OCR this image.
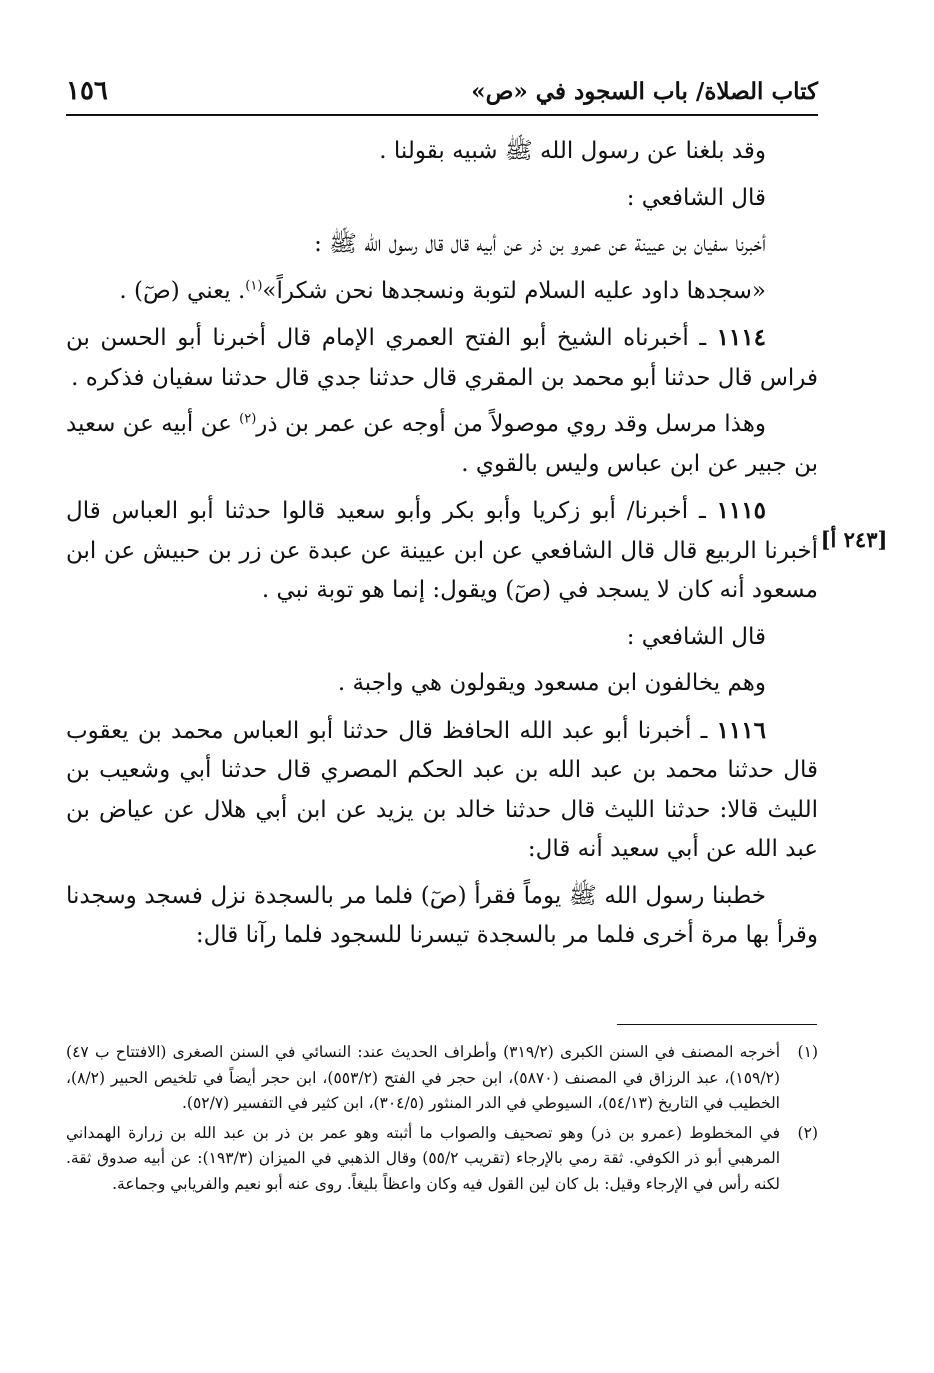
كتاب الصلاة/ باب السجود في «ص»
١٥٦
[٢٤٣ أ]

وقد بلغنا عن رسول الله ﷺ شبيه بقولنا .

قال الشافعي :

أخبرنا سفيان بن عيينة عن عمرو بن ذر عن أبيه قال قال رسول الله ﷺ :

«سجدها داود عليه السلام لتوبة ونسجدها نحن شكراً»$^{(١)}$. يعني (صٓ) .

١١١٤ ـ أخبرناه الشيخ أبو الفتح العمري الإمام قال أخبرنا أبو الحسن بن فراس قال حدثنا أبو محمد بن المقري قال حدثنا جدي قال حدثنا سفيان فذكره .

وهذا مرسل وقد روي موصولاً من أوجه عن عمر بن ذر$^{(٢)}$ عن أبيه عن سعيد بن جبير عن ابن عباس وليس بالقوي .

١١١٥ ـ أخبرنا/ أبو زكريا وأبو بكر وأبو سعيد قالوا حدثنا أبو العباس قال أخبرنا الربيع قال قال الشافعي عن ابن عيينة عن عبدة عن زر بن حبيش عن ابن مسعود أنه كان لا يسجد في (صٓ) ويقول: إنما هو توبة نبي .

قال الشافعي :

وهم يخالفون ابن مسعود ويقولون هي واجبة .

١١١٦ ـ أخبرنا أبو عبد الله الحافظ قال حدثنا أبو العباس محمد بن يعقوب قال حدثنا محمد بن عبد الله بن عبد الحكم المصري قال حدثنا أبي وشعيب بن الليث قالا: حدثنا الليث قال حدثنا خالد بن يزيد عن ابن أبي هلال عن عياض بن عبد الله عن أبي سعيد أنه قال:

خطبنا رسول الله ﷺ يوماً فقرأ (صٓ) فلما مر بالسجدة نزل فسجد وسجدنا وقرأ بها مرة أخرى فلما مر بالسجدة تيسرنا للسجود فلما رآنا قال:

(١)
أخرجه المصنف في السنن الكبرى (٣١٩/٢) وأطراف الحديث عند: النسائي في السنن الصغرى (الافتتاح ب ٤٧) (١٥٩/٢)، عبد الرزاق في المصنف (٥٨٧٠)، ابن حجر في الفتح (٥٥٣/٢)، ابن حجر أيضاً في تلخيص الحبير (٨/٢)، الخطيب في التاريخ (٥٤/١٣)، السيوطي في الدر المنثور (٣٠٤/٥)، ابن كثير في التفسير (٥٢/٧).

(٢)
في المخطوط (عمرو بن ذر) وهو تصحيف والصواب ما أثبته وهو عمر بن ذر بن عبد الله بن زرارة الهمداني المرهبي أبو ذر الكوفي. ثقة رمي بالإرجاء (تقريب ٥٥/٢) وقال الذهبي في الميزان (١٩٣/٣): عن أبيه صدوق ثقة. لكنه رأس في الإرجاء وقيل: بل كان لين القول فيه وكان واعظاً بليغاً. روى عنه أبو نعيم والفريابي وجماعة.
